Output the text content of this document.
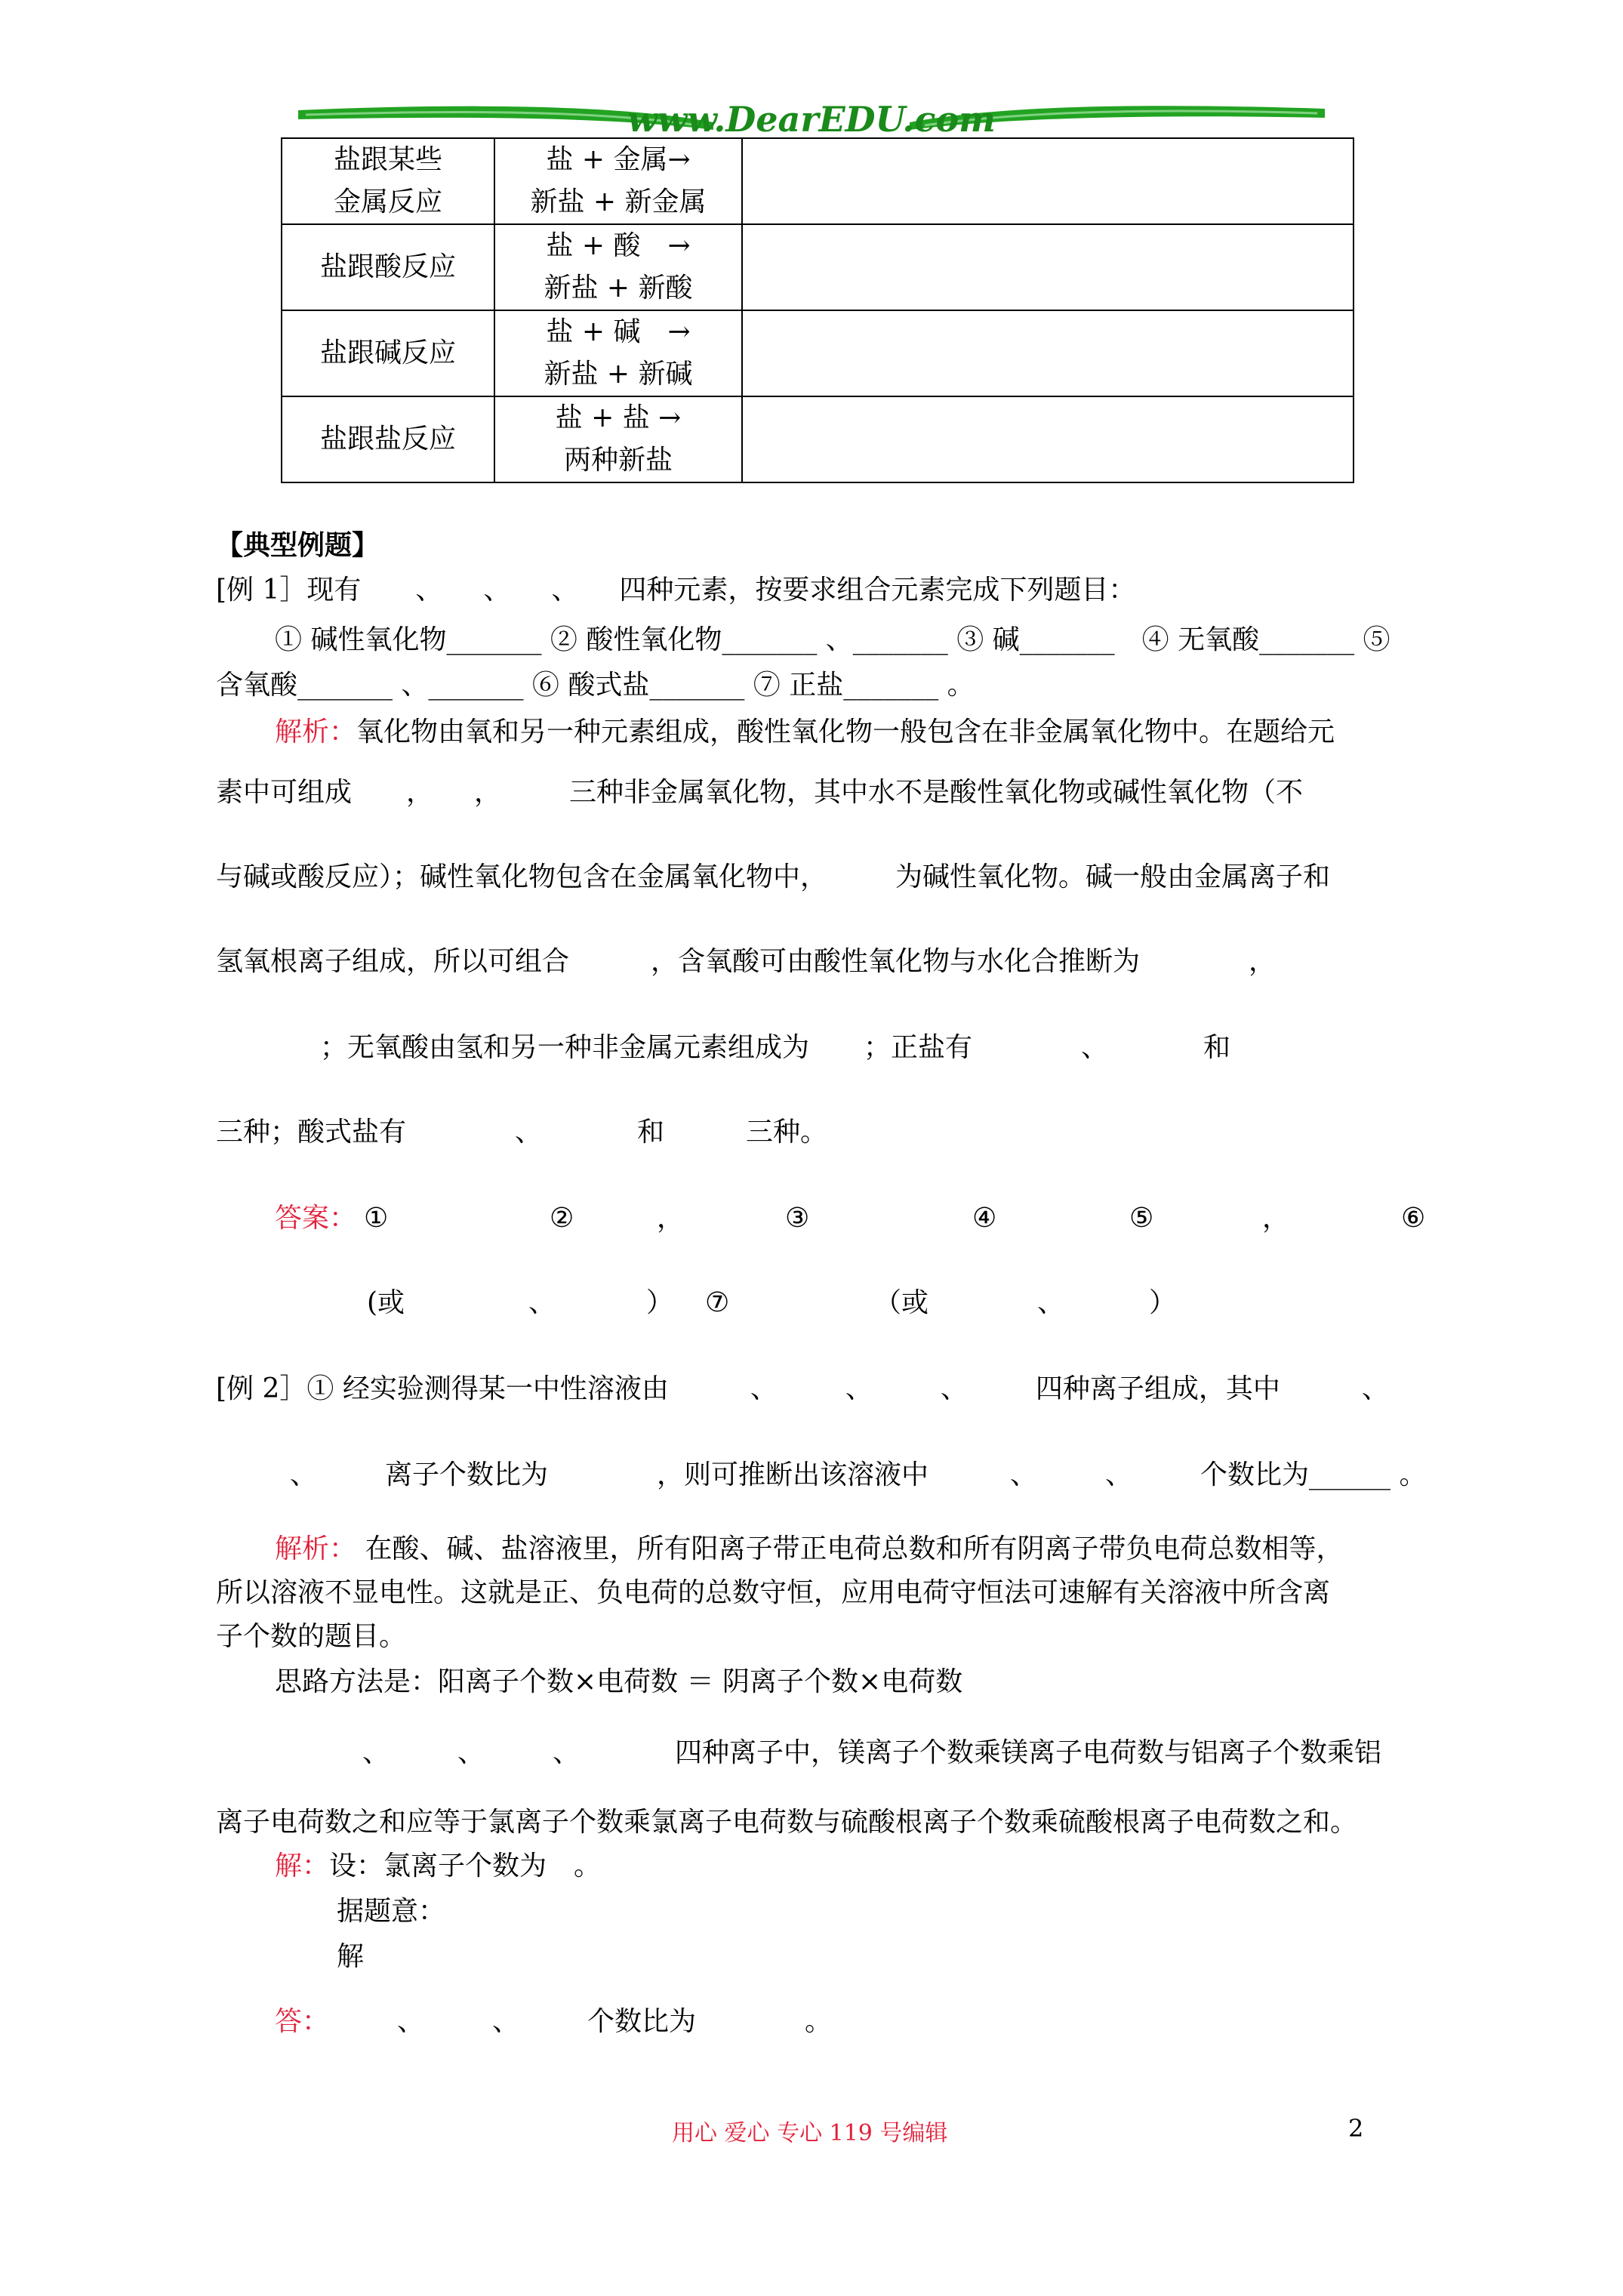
www.DearEDU.com
盐跟某些
金属反应	盐 + 金属→
新盐 + 新金属	

盐跟酸反应	盐 + 酸　→
新盐 + 新酸	

盐跟碱反应	盐 + 碱　→
新盐 + 新碱	

盐跟盐反应	盐 + 盐 →
两种新盐	

【典型例题】
[例 1］现有　　、　　、　　、　　四种元素，按要求组合元素完成下列题目：
① 碱性氧化物_______ ② 酸性氧化物_______ 、_______ ③ 碱_______　④ 无氧酸_______ ⑤
含氧酸_______ 、_______ ⑥ 酸式盐_______ ⑦ 正盐_______ 。
解析：氧化物由氧和另一种元素组成，酸性氧化物一般包含在非金属氧化物中。在题给元
素中可组成　　，　　，　　　三种非金属氧化物，其中水不是酸性氧化物或碱性氧化物（不
与碱或酸反应）；碱性氧化物包含在金属氧化物中，　　　为碱性氧化物。碱一般由金属离子和
氢氧根离子组成，所以可组合　　　，含氧酸可由酸性氧化物与水化合推断为　　　　，
；无氧酸由氢和另一种非金属元素组成为　　；正盐有　　　　、　　　　和
三种；酸式盐有　　　　、　　　　和　　　三种。
答案： ①	②	，	③	④	⑤	，	⑥
(或	、	） ⑦	（或	、	）
[例 2］① 经实验测得某一中性溶液由　　　、　　　、　　　、　　　四种离子组成，其中　　　、
、　　　离子个数比为　　　　，则可推断出该溶液中　　　、　　　、　　　个数比为______ 。
解析： 在酸、碱、盐溶液里，所有阳离子带正电荷总数和所有阴离子带负电荷总数相等，
所以溶液不显电性。这就是正、负电荷的总数守恒，应用电荷守恒法可速解有关溶液中所含离
子个数的题目。
思路方法是：阳离子个数×电荷数 ＝ 阴离子个数×电荷数
、　　　、　　　、　　　　四种离子中，镁离子个数乘镁离子电荷数与铝离子个数乘铝
离子电荷数之和应等于氯离子个数乘氯离子电荷数与硫酸根离子个数乘硫酸根离子电荷数之和。
解：设：氯离子个数为　。
据题意：
解
答：　　　、　　　、　　　个数比为　　　　。
用心 爱心 专心 119 号编辑	2
